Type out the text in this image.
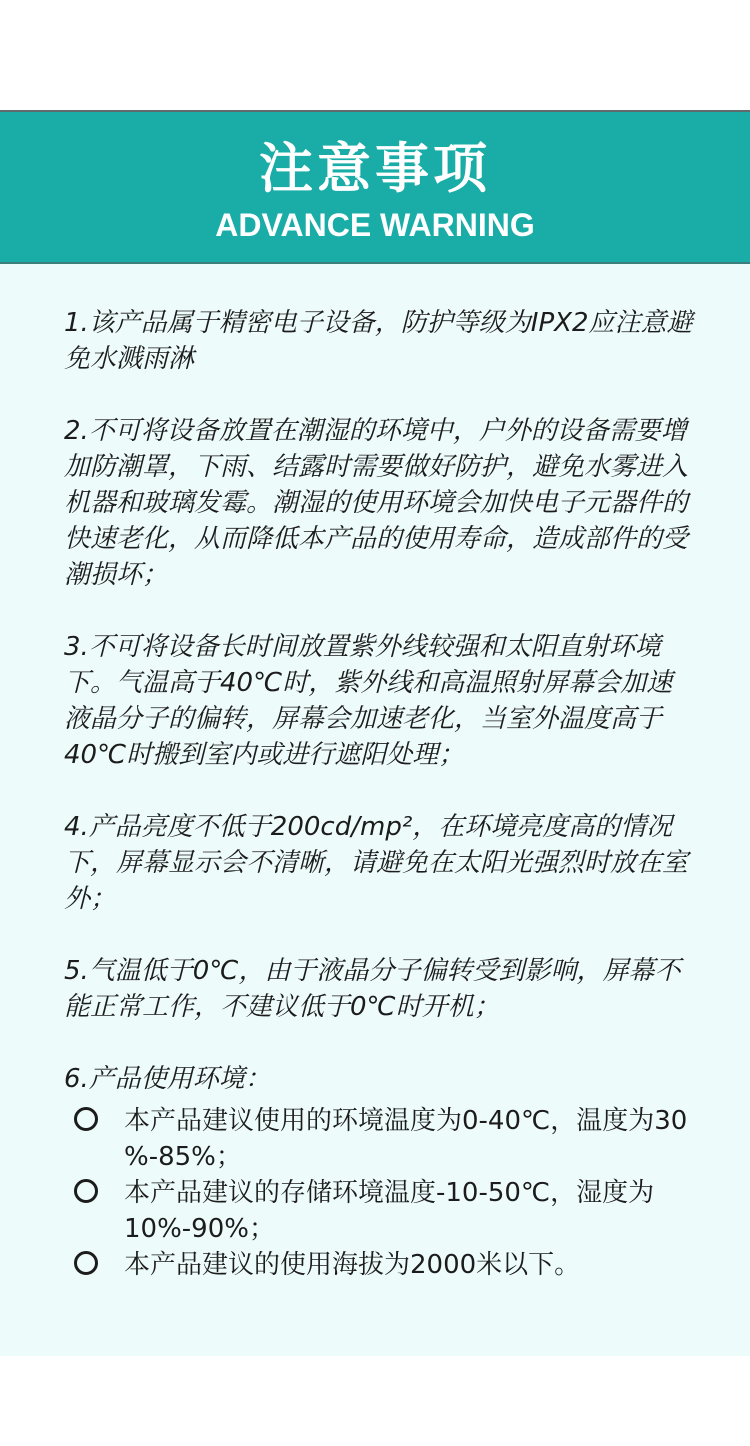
注意事项
ADVANCE WARNING

1.该产品属于精密电子设备，防护等级为IPX2应注意避免水溅雨淋

2.不可将设备放置在潮湿的环境中，户外的设备需要增加防潮罩，下雨、结露时需要做好防护，避免水雾进入机器和玻璃发霉。潮湿的使用环境会加快电子元器件的快速老化，从而降低本产品的使用寿命，造成部件的受潮损坏；

3.不可将设备长时间放置紫外线较强和太阳直射环境下。气温高于40℃时，紫外线和高温照射屏幕会加速液晶分子的偏转，屏幕会加速老化，当室外温度高于40℃时搬到室内或进行遮阳处理；

4.产品亮度不低于200cd/mp²，在环境亮度高的情况下，屏幕显示会不清晰，请避免在太阳光强烈时放在室外；

5.气温低于0℃，由于液晶分子偏转受到影响，屏幕不能正常工作，不建议低于0℃时开机；

6.产品使用环境：

本产品建议使用的环境温度为0-40℃，温度为30 %-85%；
本产品建议的存储环境温度-10-50℃，湿度为10%-90%；
本产品建议的使用海拔为2000米以下。
